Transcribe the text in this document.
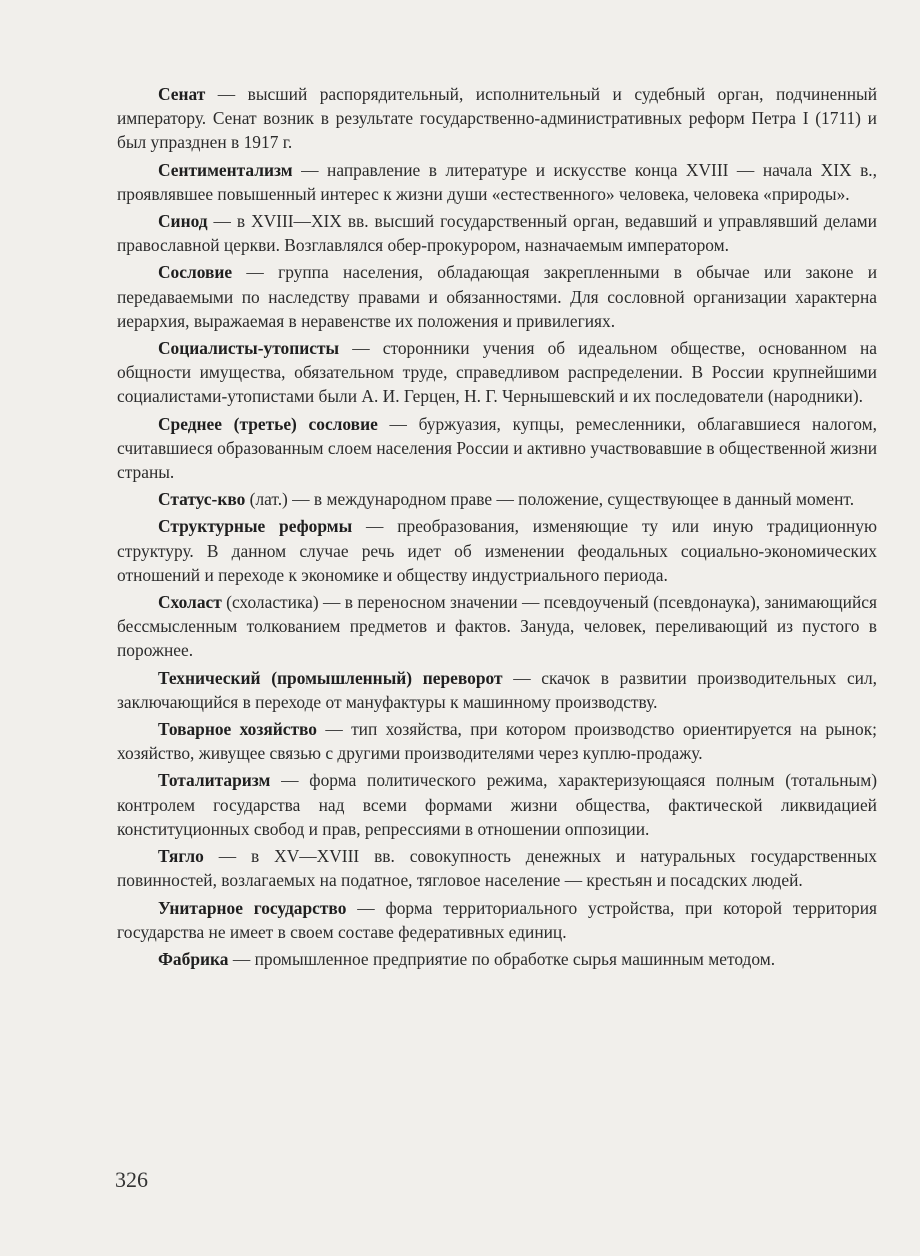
Сенат — высший распорядительный, исполнительный и судебный орган, подчиненный императору. Сенат возник в результате государственно-административных реформ Петра I (1711) и был упразднен в 1917 г.

Сентиментализм — направление в литературе и искусстве конца XVIII — начала XIX в., проявлявшее повышенный интерес к жизни души «естественного» человека, человека «природы».

Синод — в XVIII—XIX вв. высший государственный орган, ведавший и управлявший делами православной церкви. Возглавлялся обер-прокурором, назначаемым императором.

Сословие — группа населения, обладающая закрепленными в обычае или законе и передаваемыми по наследству правами и обязанностями. Для сословной организации характерна иерархия, выражаемая в неравенстве их положения и привилегиях.

Социалисты-утописты — сторонники учения об идеальном обществе, основанном на общности имущества, обязательном труде, справедливом распределении. В России крупнейшими социалистами-утопистами были А. И. Герцен, Н. Г. Чернышевский и их последователи (народники).

Среднее (третье) сословие — буржуазия, купцы, ремесленники, облагавшиеся налогом, считавшиеся образованным слоем населения России и активно участвовавшие в общественной жизни страны.

Статус-кво (лат.) — в международном праве — положение, существующее в данный момент.

Структурные реформы — преобразования, изменяющие ту или иную традиционную структуру. В данном случае речь идет об изменении феодальных социально-экономических отношений и переходе к экономике и обществу индустриального периода.

Схоласт (схоластика) — в переносном значении — псевдоученый (псевдонаука), занимающийся бессмысленным толкованием предметов и фактов. Зануда, человек, переливающий из пустого в порожнее.

Технический (промышленный) переворот — скачок в развитии производительных сил, заключающийся в переходе от мануфактуры к машинному производству.

Товарное хозяйство — тип хозяйства, при котором производство ориентируется на рынок; хозяйство, живущее связью с другими производителями через куплю-продажу.

Тоталитаризм — форма политического режима, характеризующаяся полным (тотальным) контролем государства над всеми формами жизни общества, фактической ликвидацией конституционных свобод и прав, репрессиями в отношении оппозиции.

Тягло — в XV—XVIII вв. совокупность денежных и натуральных государственных повинностей, возлагаемых на податное, тягловое население — крестьян и посадских людей.

Унитарное государство — форма территориального устройства, при которой территория государства не имеет в своем составе федеративных единиц.

Фабрика — промышленное предприятие по обработке сырья машинным методом.

326
